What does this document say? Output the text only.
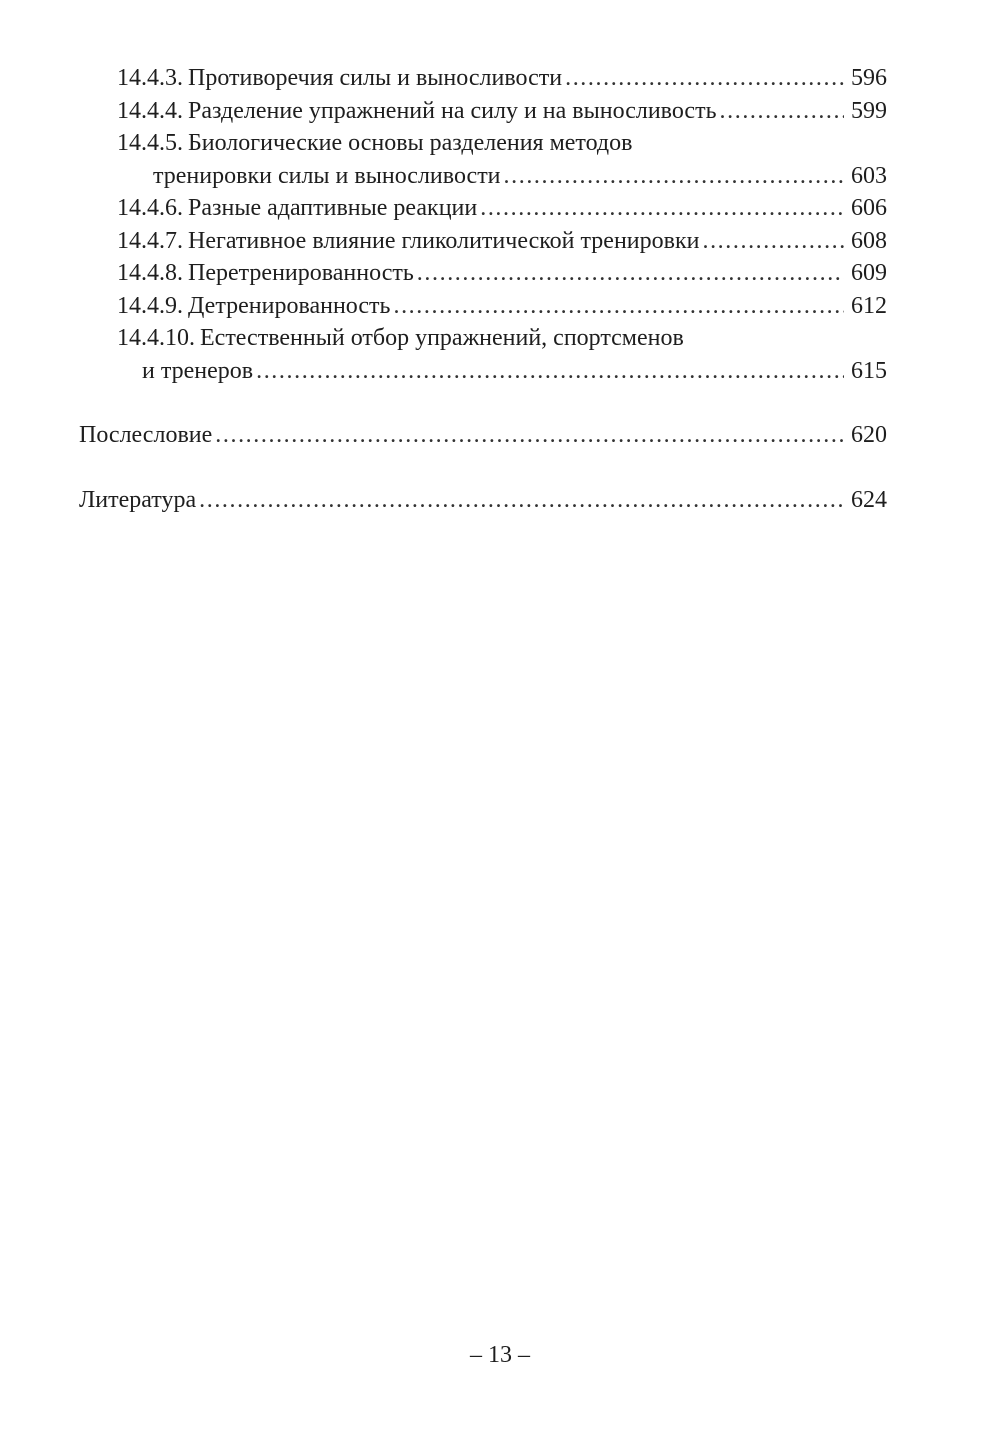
14.4.3. Противоречия силы и выносливости .....	596
14.4.4. Разделение упражнений на силу и на выносливость .....	599
14.4.5. Биологические основы разделения методов
тренировки силы и выносливости .....	603
14.4.6. Разные адаптивные реакции .....	606
14.4.7. Негативное влияние гликолитической тренировки .....	608
14.4.8. Перетренированность .....	609
14.4.9. Детренированность .....	612
14.4.10. Естественный отбор упражнений, спортсменов
и тренеров .....	615
Послесловие .....	620
Литература .....	624
– 13 –
